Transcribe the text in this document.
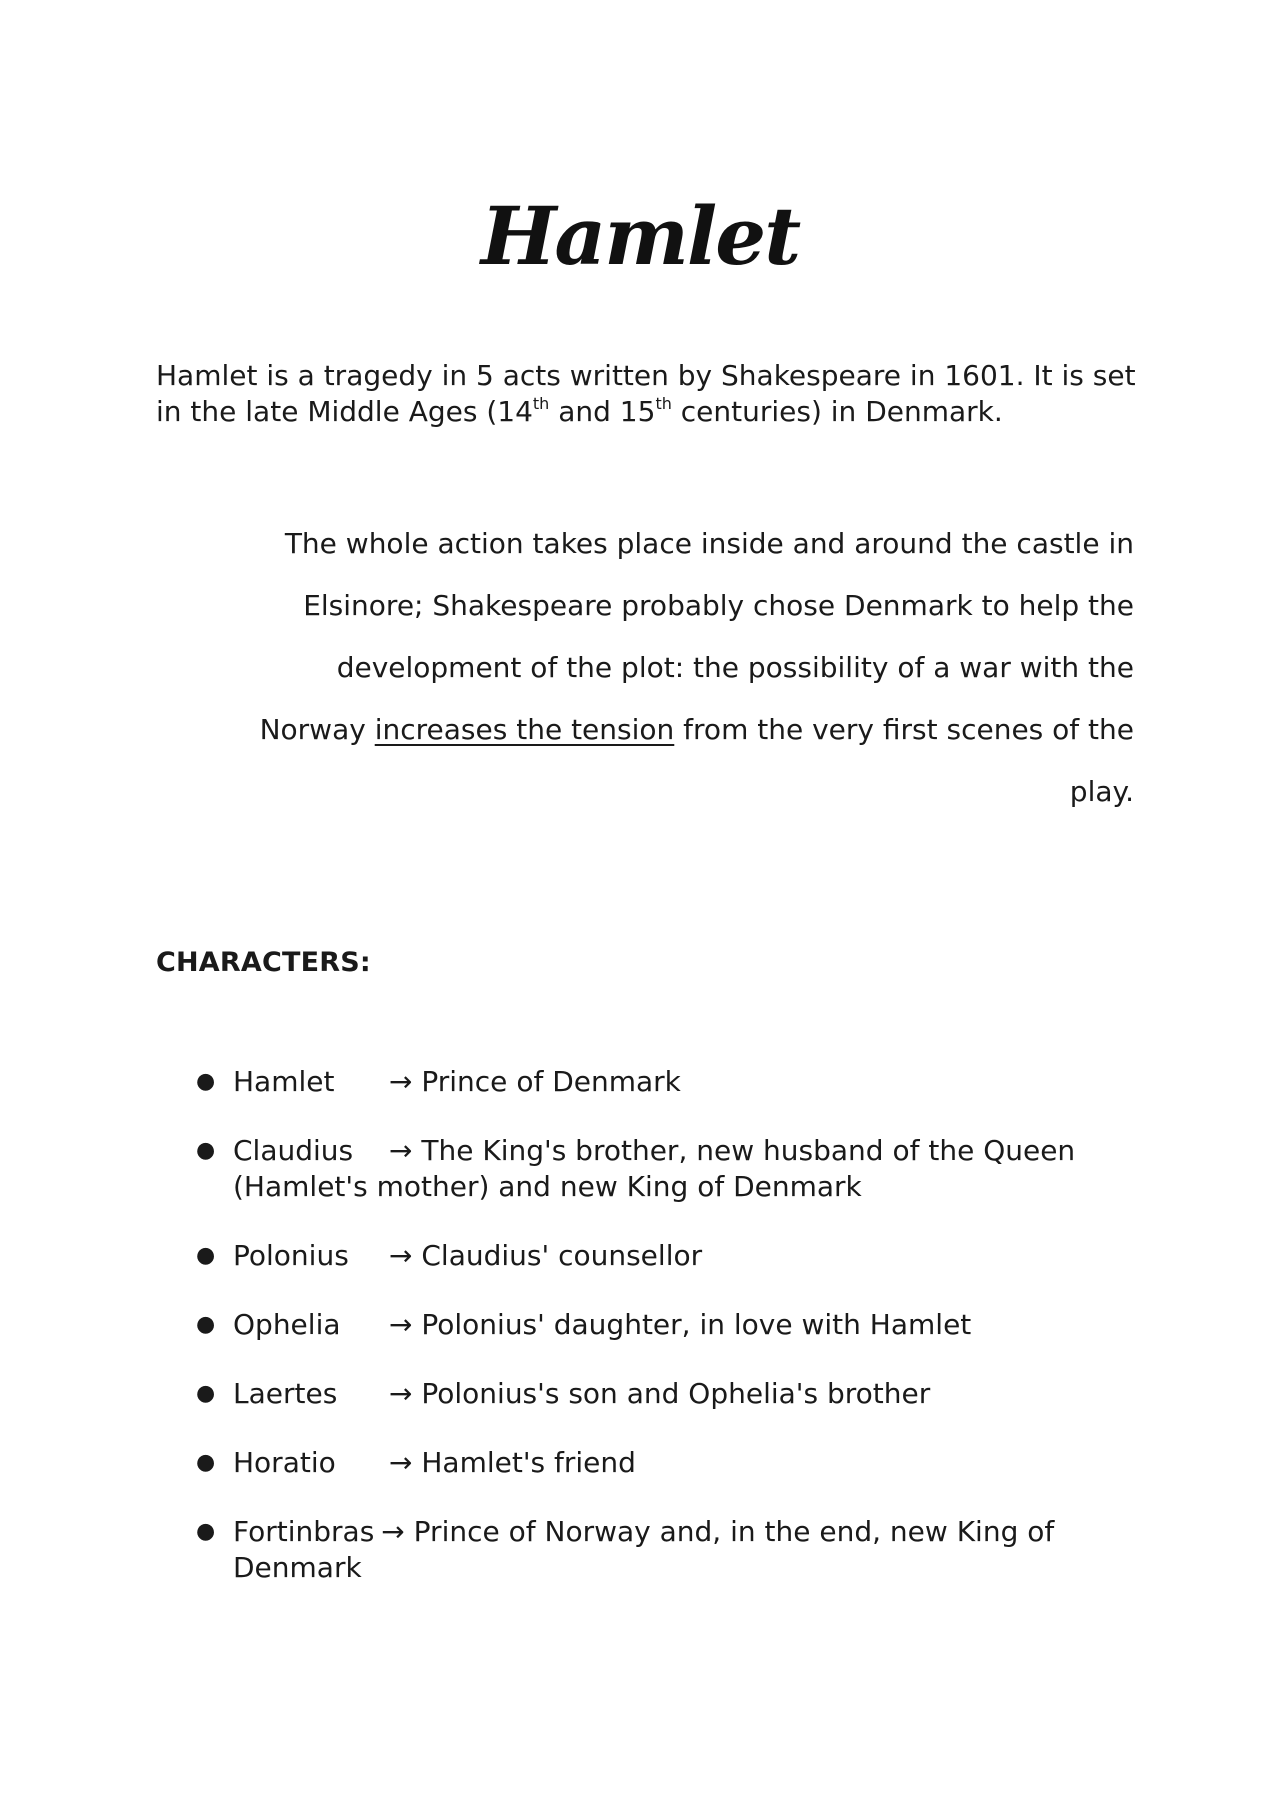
Hamlet

Hamlet is a tragedy in 5 acts written by Shakespeare in 1601. It is set in the late Middle Ages (14th and 15th centuries) in Denmark.

The whole action takes place inside and around the castle in Elsinore; Shakespeare probably chose Denmark to help the development of the plot: the possibility of a war with the Norway increases the tension from the very first scenes of the play.

CHARACTERS:
● Hamlet → Prince of Denmark
● Claudius → The King's brother, new husband of the Queen (Hamlet's mother) and new King of Denmark
● Polonius → Claudius' counsellor
● Ophelia → Polonius' daughter, in love with Hamlet
● Laertes → Polonius's son and Ophelia's brother
● Horatio → Hamlet's friend
● Fortinbras → Prince of Norway and, in the end, new King of Denmark
